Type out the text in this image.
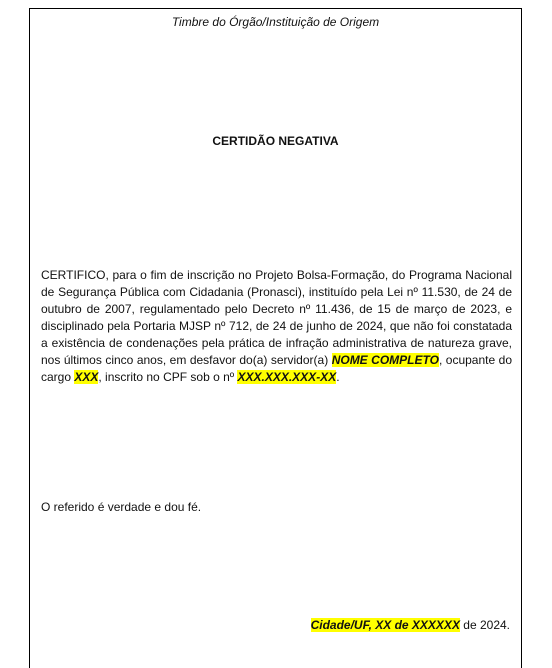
Timbre do Órgão/Instituição de Origem
CERTIDÃO NEGATIVA
CERTIFICO, para o fim de inscrição no Projeto Bolsa-Formação, do Programa Nacional de Segurança Pública com Cidadania (Pronasci), instituído pela Lei nº 11.530, de 24 de outubro de 2007, regulamentado pelo Decreto nº 11.436, de 15 de março de 2023, e disciplinado pela Portaria MJSP nº 712, de 24 de junho de 2024, que não foi constatada a existência de condenações pela prática de infração administrativa de natureza grave, nos últimos cinco anos, em desfavor do(a) servidor(a) NOME COMPLETO, ocupante do cargo XXX, inscrito no CPF sob o nº XXX.XXX.XXX-XX.
O referido é verdade e dou fé.
Cidade/UF, XX de XXXXXX de 2024.
